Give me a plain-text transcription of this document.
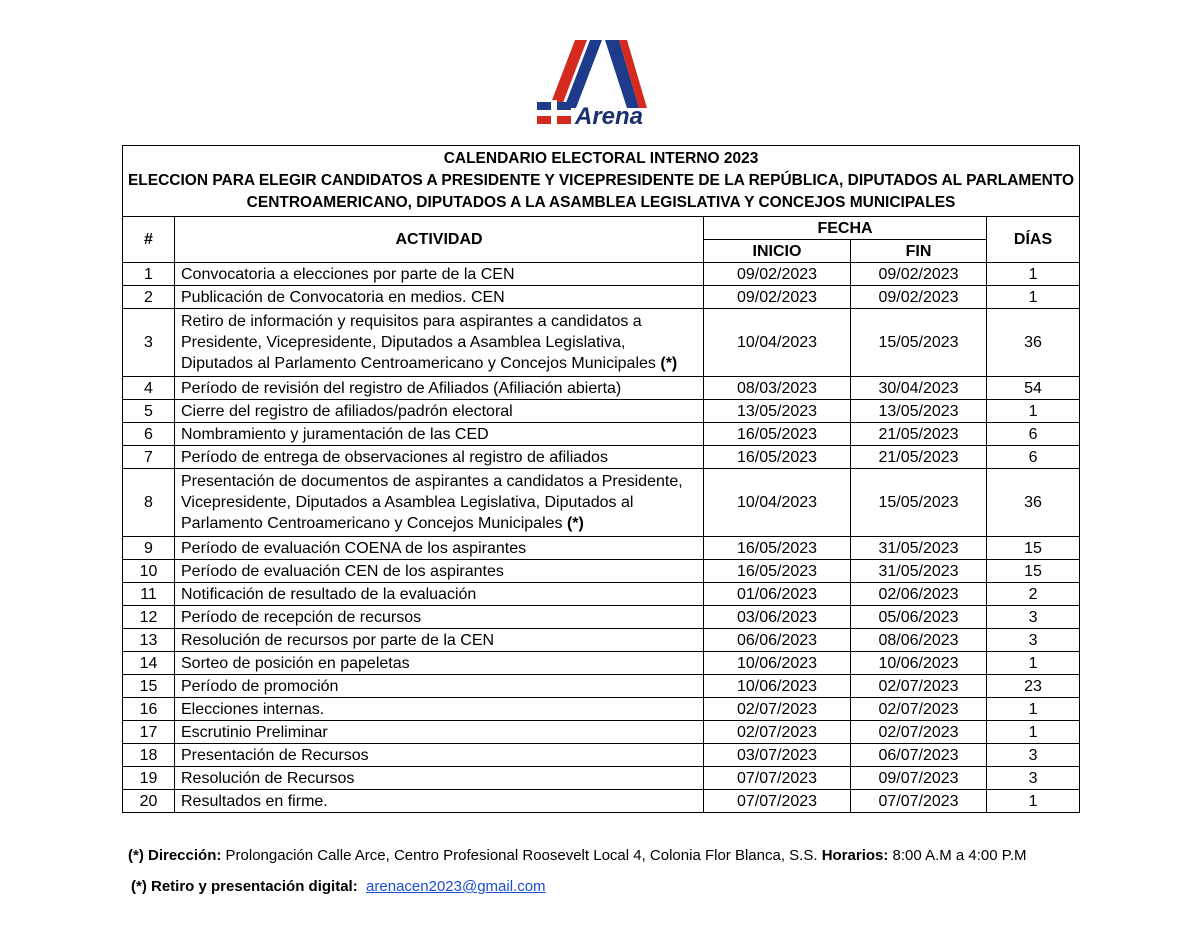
Arena
CALENDARIO ELECTORAL INTERNO 2023
ELECCION PARA ELEGIR CANDIDATOS A PRESIDENTE Y VICEPRESIDENTE DE LA REPÚBLICA, DIPUTADOS AL PARLAMENTO
CENTROAMERICANO, DIPUTADOS A LA ASAMBLEA LEGISLATIVA Y CONCEJOS MUNICIPALES				

#	ACTIVIDAD	FECHA		DÍAS
		INICIO	FIN	
1	Convocatoria a elecciones por parte de la CEN	09/02/2023	09/02/2023	1
2	Publicación de Convocatoria en medios. CEN	09/02/2023	09/02/2023	1
3	Retiro de información y requisitos para aspirantes a candidatos a
Presidente, Vicepresidente, Diputados a Asamblea Legislativa,
Diputados al Parlamento Centroamericano y Concejos Municipales (*)	10/04/2023	15/05/2023	36
4	Período de revisión del registro de Afiliados (Afiliación abierta)	08/03/2023	30/04/2023	54
5	Cierre del registro de afiliados/padrón electoral	13/05/2023	13/05/2023	1
6	Nombramiento y juramentación de las CED	16/05/2023	21/05/2023	6
7	Período de entrega de observaciones al registro de afiliados	16/05/2023	21/05/2023	6
8	Presentación de documentos de aspirantes a candidatos a Presidente,
Vicepresidente, Diputados a Asamblea Legislativa, Diputados al
Parlamento Centroamericano y Concejos Municipales (*)	10/04/2023	15/05/2023	36
9	Período de evaluación COENA de los aspirantes	16/05/2023	31/05/2023	15
10	Período de evaluación CEN de los aspirantes	16/05/2023	31/05/2023	15
11	Notificación de resultado de la evaluación	01/06/2023	02/06/2023	2
12	Período de recepción de recursos	03/06/2023	05/06/2023	3
13	Resolución de recursos por parte de la CEN	06/06/2023	08/06/2023	3
14	Sorteo de posición en papeletas	10/06/2023	10/06/2023	1
15	Período de promoción	10/06/2023	02/07/2023	23
16	Elecciones internas.	02/07/2023	02/07/2023	1
17	Escrutinio Preliminar	02/07/2023	02/07/2023	1
18	Presentación de Recursos	03/07/2023	06/07/2023	3
19	Resolución de Recursos	07/07/2023	09/07/2023	3
20	Resultados en firme.	07/07/2023	07/07/2023	1
(*) Dirección: Prolongación Calle Arce, Centro Profesional Roosevelt Local 4, Colonia Flor Blanca, S.S. Horarios: 8:00 A.M a 4:00 P.M
(*) Retiro y presentación digital: arenacen2023@gmail.com
